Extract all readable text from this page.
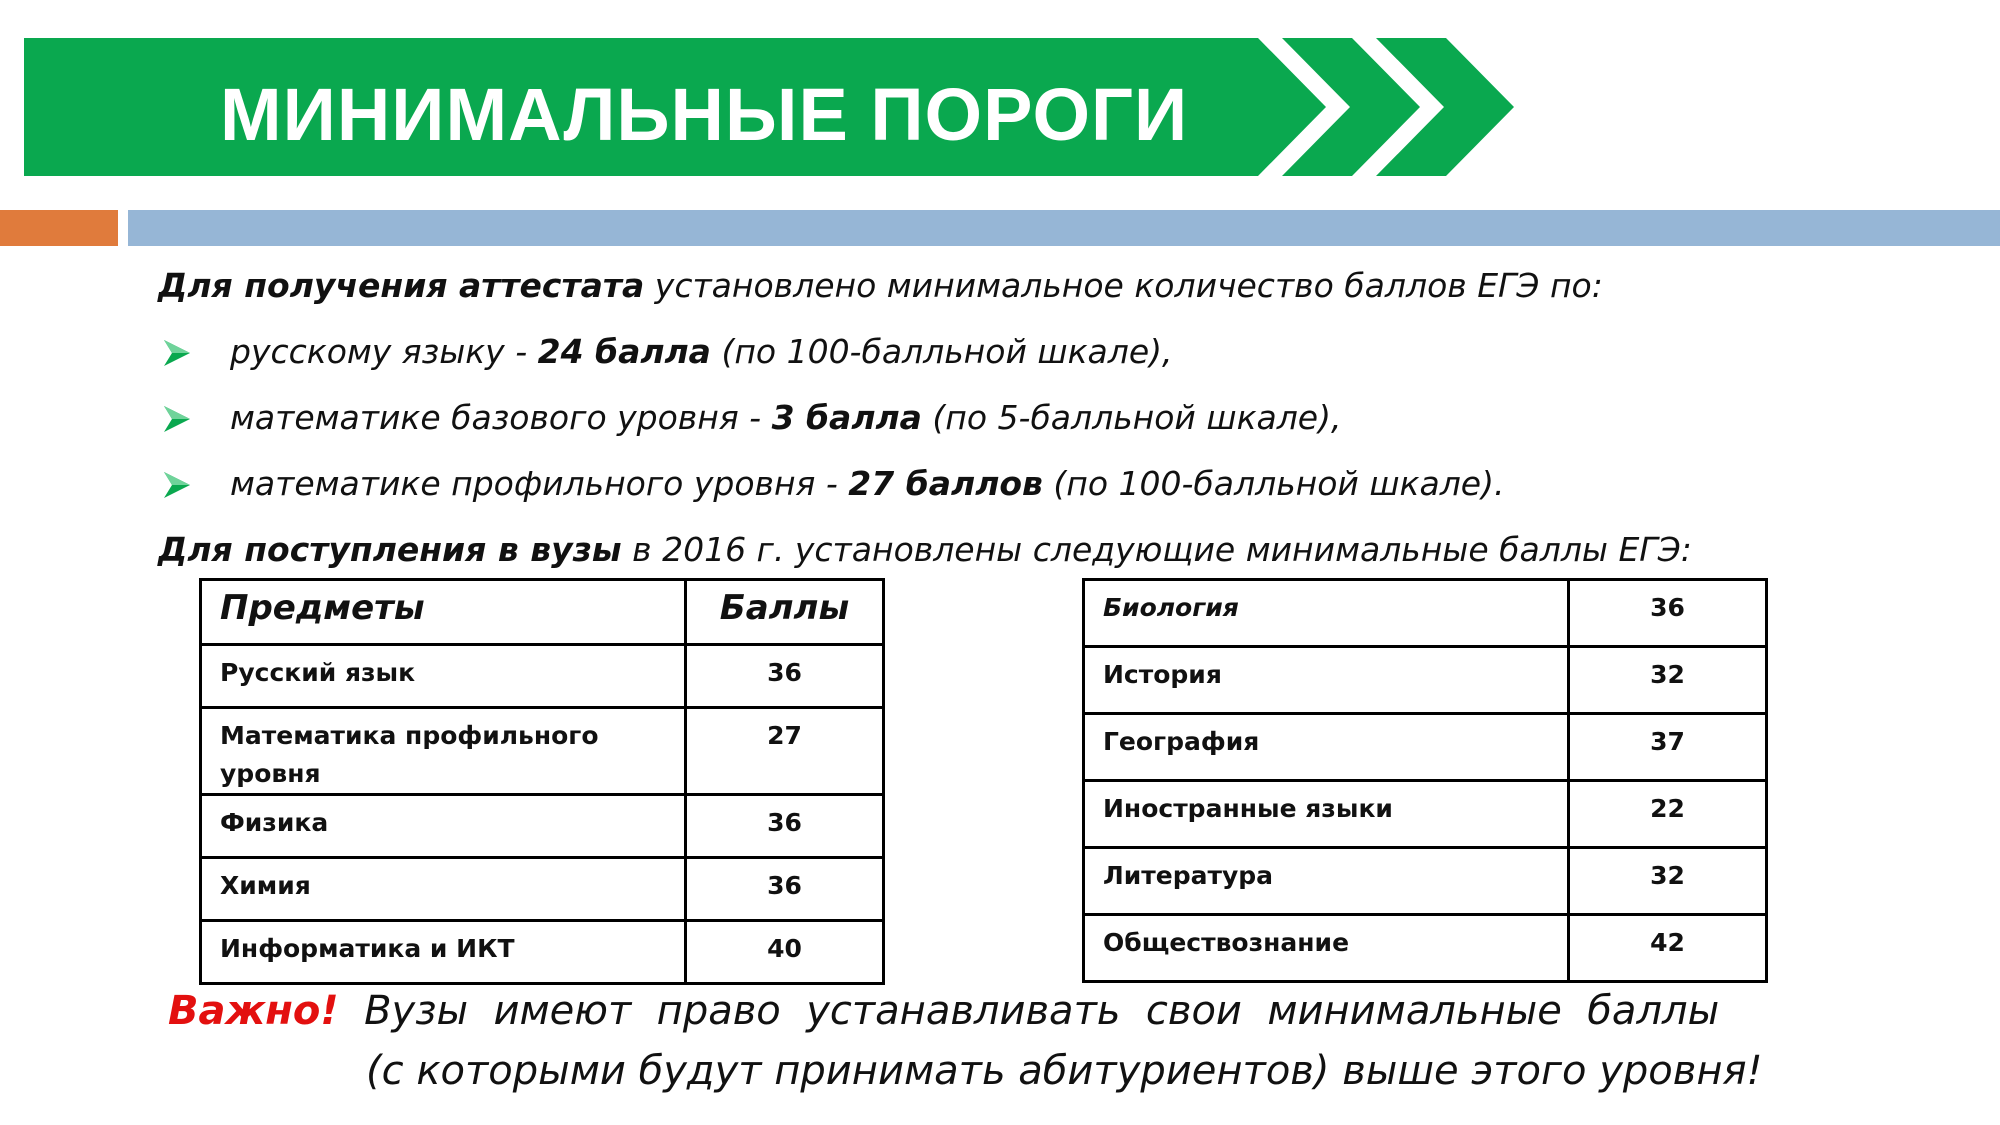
МИНИМАЛЬНЫЕ ПОРОГИ
Для получения аттестата установлено минимальное количество баллов ЕГЭ по:
русскому языку - 24 балла (по 100-балльной шкале),
математике базового уровня - 3 балла (по 5-балльной шкале),
математике профильного уровня - 27 баллов (по 100-балльной шкале).
Для поступления в вузы в 2016 г. установлены следующие минимальные баллы ЕГЭ:
Предметы	Баллы
Русский язык	36
Математика профильного уровня	27
Физика	36
Химия	36
Информатика и ИКТ	40
Биология	36
История	32
География	37
Иностранные языки	22
Литература	32
Обществознание	42
Важно! Вузы  имеют  право  устанавливать  свои  минимальные  баллы
(с которыми будут принимать абитуриентов) выше этого уровня!
